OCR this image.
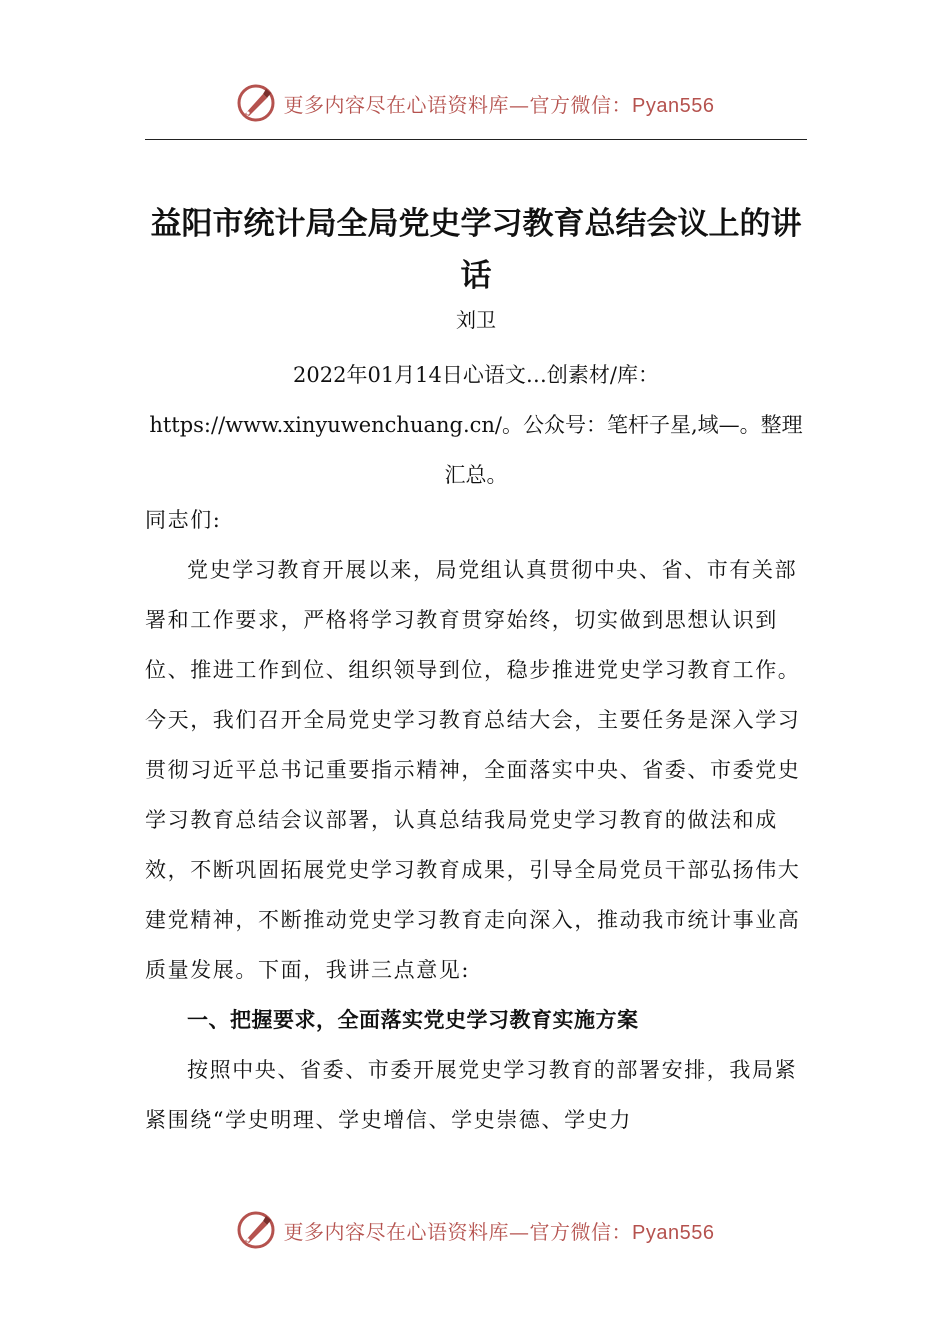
更多内容尽在心语资料库—官方微信：Pyan556
益阳市统计局全局党史学习教育总结会议上的讲话
刘卫
2022年01月14日心语文…创素材/库：https://www.xinyuwenchuang.cn/。公众号：笔杆子星,域—。整理汇总。

同志们:

党史学习教育开展以来，局党组认真贯彻中央、省、市有关部署和工作要求，严格将学习教育贯穿始终，切实做到思想认识到位、推进工作到位、组织领导到位，稳步推进党史学习教育工作。今天，我们召开全局党史学习教育总结大会，主要任务是深入学习贯彻习近平总书记重要指示精神，全面落实中央、省委、市委党史学习教育总结会议部署，认真总结我局党史学习教育的做法和成效，不断巩固拓展党史学习教育成果，引导全局党员干部弘扬伟大建党精神，不断推动党史学习教育走向深入，推动我市统计事业高质量发展。下面，我讲三点意见:

一、把握要求，全面落实党史学习教育实施方案

按照中央、省委、市委开展党史学习教育的部署安排，我局紧紧围绕“学史明理、学史增信、学史崇德、学史力

更多内容尽在心语资料库—官方微信：Pyan556
